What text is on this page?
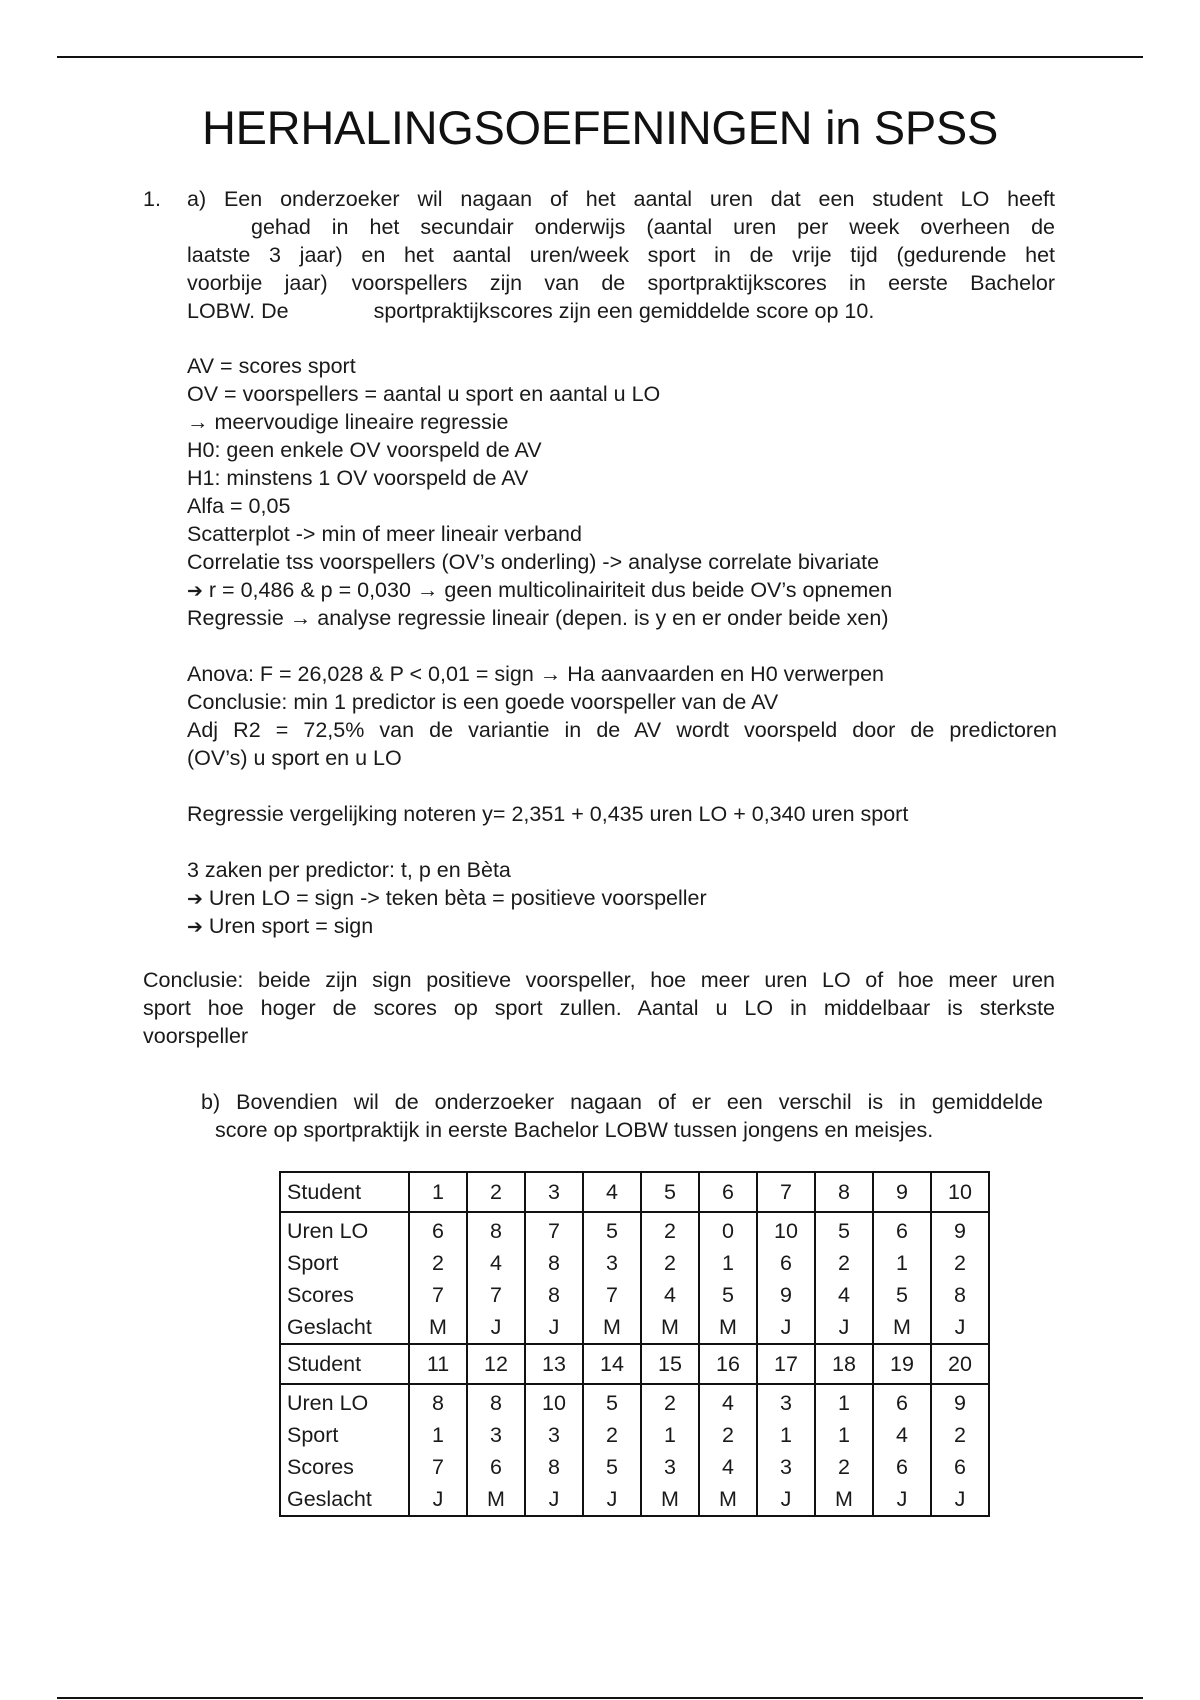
HERHALINGSOEFENINGEN in SPSS
1. a) Een onderzoeker wil nagaan of het aantal uren dat een student LO heeft
gehad in het secundair onderwijs (aantal uren per week overheen de
laatste 3 jaar) en het aantal uren/week sport in de vrije tijd (gedurende het
voorbije jaar) voorspellers zijn van de sportpraktijkscores in eerste Bachelor
LOBW. De	sportpraktijkscores zijn een gemiddelde score op 10.
AV = scores sport
OV = voorspellers = aantal u sport en aantal u LO
→ meervoudige lineaire regressie
H0: geen enkele OV voorspeld de AV
H1: minstens 1 OV voorspeld de AV
Alfa = 0,05
Scatterplot -> min of meer lineair verband
Correlatie tss voorspellers (OV’s onderling) -> analyse correlate bivariate
➔ r = 0,486 & p = 0,030 → geen multicolinairiteit dus beide OV’s opnemen
Regressie → analyse regressie lineair (depen. is y en er onder beide xen)
Anova: F = 26,028 & P < 0,01 = sign → Ha aanvaarden en H0 verwerpen
Conclusie: min 1 predictor is een goede voorspeller van de AV
Adj R2 = 72,5% van de variantie in de AV wordt voorspeld door de predictoren
(OV’s) u sport en u LO
Regressie vergelijking noteren y= 2,351 + 0,435 uren LO + 0,340 uren sport
3 zaken per predictor: t, p en Bèta
➔ Uren LO = sign -> teken bèta = positieve voorspeller
➔ Uren sport = sign
Conclusie: beide zijn sign positieve voorspeller, hoe meer uren LO of hoe meer uren
sport hoe hoger de scores op sport zullen. Aantal u LO in middelbaar is sterkste
voorspeller
b) Bovendien wil de onderzoeker nagaan of er een verschil is in gemiddelde
score op sportpraktijk in eerste Bachelor LOBW tussen jongens en meisjes.
Student	1	2	3	4	5	6	7	8	9	10
Uren LO	6	8	7	5	2	0	10	5	6	9
Sport	2	4	8	3	2	1	6	2	1	2
Scores	7	7	8	7	4	5	9	4	5	8
Geslacht	M	J	J	M	M	M	J	J	M	J
Student	11	12	13	14	15	16	17	18	19	20
Uren LO	8	8	10	5	2	4	3	1	6	9
Sport	1	3	3	2	1	2	1	1	4	2
Scores	7	6	8	5	3	4	3	2	6	6
Geslacht	J	M	J	J	M	M	J	M	J	J
